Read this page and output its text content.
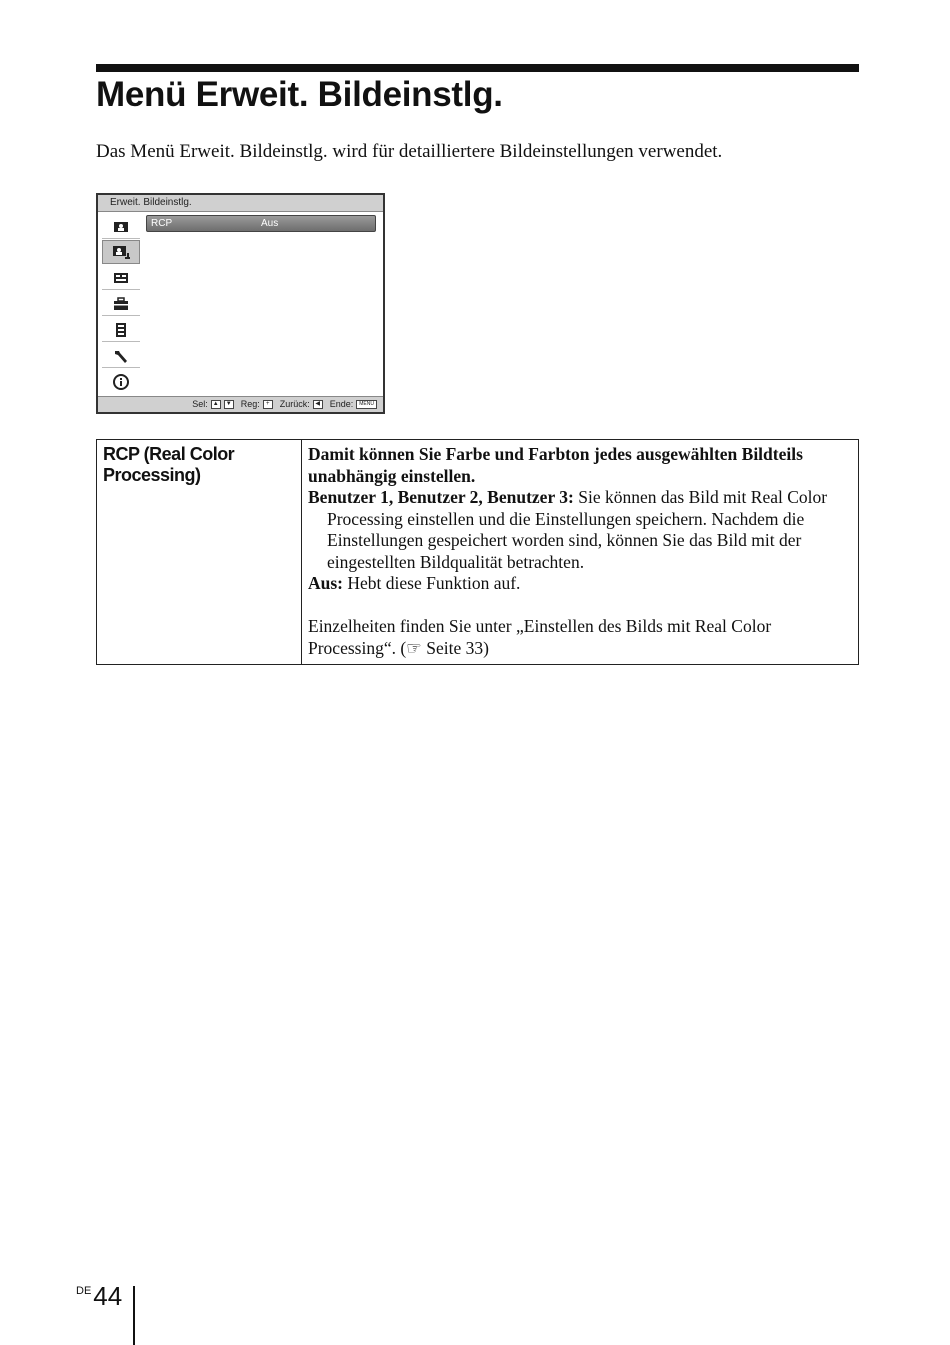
Menü Erweit. Bildeinstlg.

Das Menü Erweit. Bildeinstlg. wird für detailliertere Bildeinstellungen verwendet.

Erweit. Bildeinstlg.
RCP	Aus
Sel: ▲	▼ Reg:	+	Zurück: ◀ Ende:	MENU
RCP (Real Color Processing)	

Damit können Sie Farbe und Farbton jedes ausgewählten Bildteils unabhängig einstellen.

Benutzer 1, Benutzer 2, Benutzer 3: Sie können das Bild mit Real Color Processing einstellen und die Einstellungen speichern. Nachdem die Einstellungen gespeichert worden sind, können Sie das Bild mit der eingestellten Bildqualität betrachten.

Aus: Hebt diese Funktion auf.

Einzelheiten finden Sie unter „Einstellen des Bilds mit Real Color Processing“. (☞ Seite 33)

$^{DE}$44
